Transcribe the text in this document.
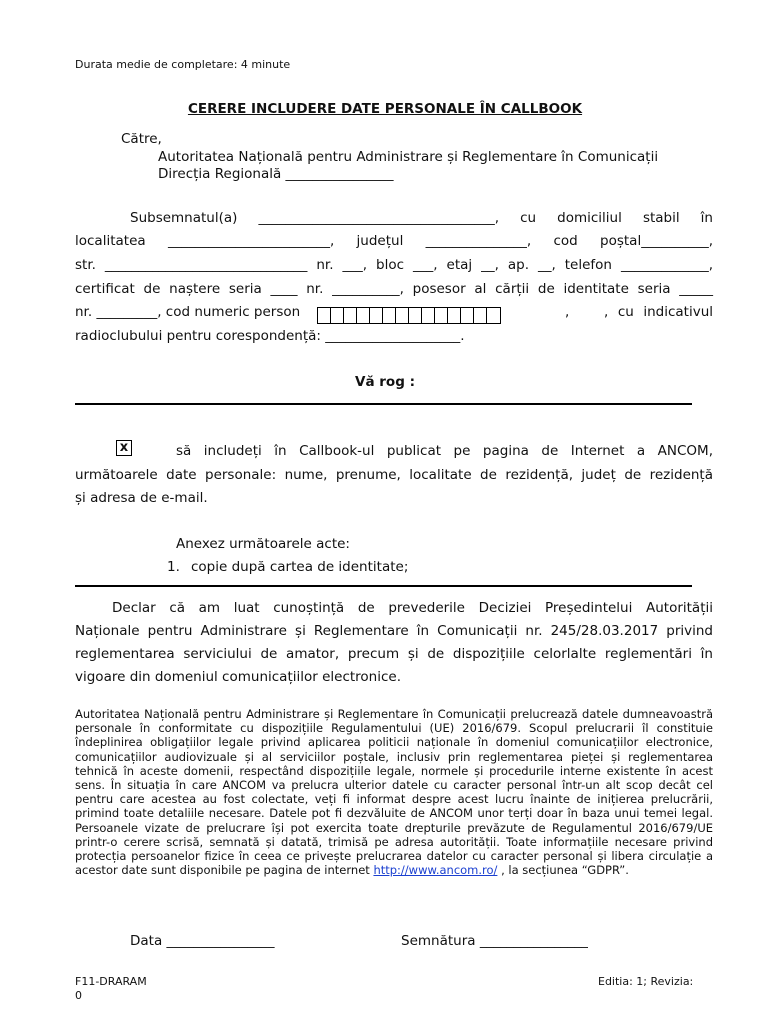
Durata medie de completare: 4 minute
CERERE INCLUDERE DATE PERSONALE ÎN CALLBOOK
Către,
Autoritatea Națională pentru Administrare și Reglementare în Comunicații
Direcția Regională ________________
Subsemnatul(a) ___________________________________, cu domiciliul stabil în
localitatea ________________________, județul _______________, cod poștal__________,
str. ______________________________ nr. ___, bloc ___, etaj __, ap. __, telefon _____________,
certificat de naștere seria ____ nr. __________, posesor al cărții de identitate seria _____
nr. _________, cod numeric person	,	, cu indicativul
radioclubului pentru corespondență: ____________________.
Vă rog :
x	să includeți în Callbook-ul publicat pe pagina de Internet a ANCOM,
următoarele date personale: nume, prenume, localitate de rezidență, județ de rezidență
și adresa de e-mail.
Anexez următoarele acte:
1. copie după cartea de identitate;
Declar că am luat cunoștință de prevederile Deciziei Președintelui Autorității
Naționale pentru Administrare și Reglementare în Comunicații nr. 245/28.03.2017 privind
reglementarea serviciului de amator, precum și de dispozițiile celorlalte reglementări în
vigoare din domeniul comunicațiilor electronice.

Autoritatea Națională pentru Administrare și Reglementare în Comunicații prelucrează datele dumneavoastră personale în conformitate cu dispozițiile Regulamentului (UE) 2016/679. Scopul prelucrarii îl constituie îndeplinirea obligațiilor legale privind aplicarea politicii naționale în domeniul comunicațiilor electronice, comunicațiilor audiovizuale și al serviciilor poștale, inclusiv prin reglementarea pieței și reglementarea tehnică în aceste domenii, respectând dispozițiile legale, normele și procedurile interne existente în acest sens. În situația în care ANCOM va prelucra ulterior datele cu caracter personal într-un alt scop decât cel pentru care acestea au fost colectate, veți fi informat despre acest lucru înainte de inițierea prelucrării, primind toate detaliile necesare. Datele pot fi dezvăluite de ANCOM unor terți doar în baza unui temei legal. Persoanele vizate de prelucrare își pot exercita toate drepturile prevăzute de Regulamentul 2016/679/UE printr-o cerere scrisă, semnată și datată, trimisă pe adresa autorității. Toate informațiile necesare privind protecția persoanelor fizice în ceea ce privește prelucrarea datelor cu caracter personal și libera circulație a acestor date sunt disponibile pe pagina de internet http://www.ancom.ro/ , la secțiunea “GDPR”.

Data ________________	Semnătura ________________
F11-DRARAM
0
Editia: 1; Revizia:
